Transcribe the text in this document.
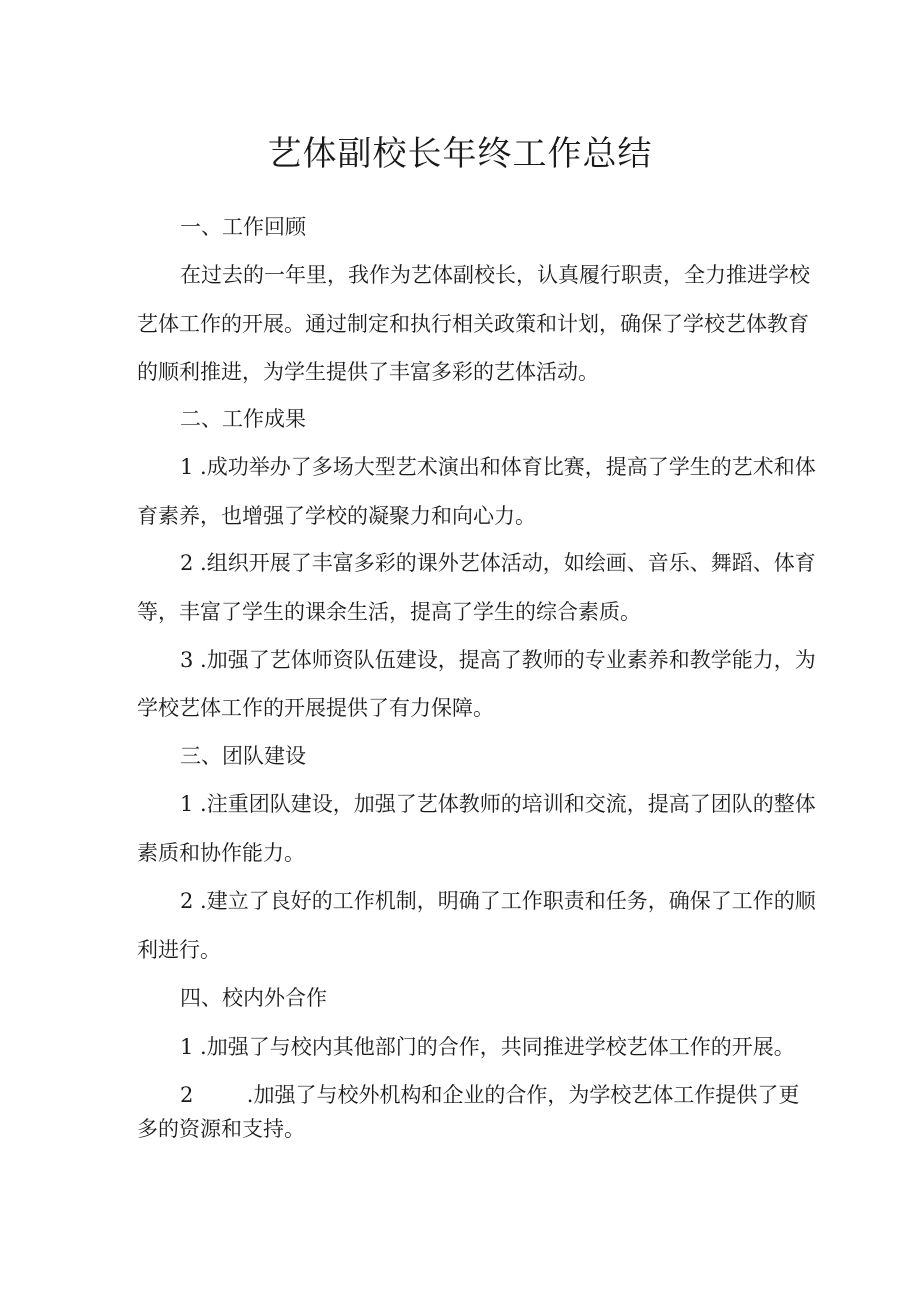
艺体副校长年终工作总结
一、工作回顾
在过去的一年里，我作为艺体副校长，认真履行职责，全力推进学校
艺体工作的开展。通过制定和执行相关政策和计划，确保了学校艺体教育
的顺利推进，为学生提供了丰富多彩的艺体活动。
二、工作成果
1 .成功举办了多场大型艺术演出和体育比赛，提高了学生的艺术和体
育素养，也增强了学校的凝聚力和向心力。
2 .组织开展了丰富多彩的课外艺体活动，如绘画、音乐、舞蹈、体育
等，丰富了学生的课余生活，提高了学生的综合素质。
3 .加强了艺体师资队伍建设，提高了教师的专业素养和教学能力，为
学校艺体工作的开展提供了有力保障。
三、团队建设
1 .注重团队建设，加强了艺体教师的培训和交流，提高了团队的整体
素质和协作能力。
2 .建立了良好的工作机制，明确了工作职责和任务，确保了工作的顺
利进行。
四、校内外合作
1 .加强了与校内其他部门的合作，共同推进学校艺体工作的开展。
2        .加强了与校外机构和企业的合作，为学校艺体工作提供了更
多的资源和支持。
